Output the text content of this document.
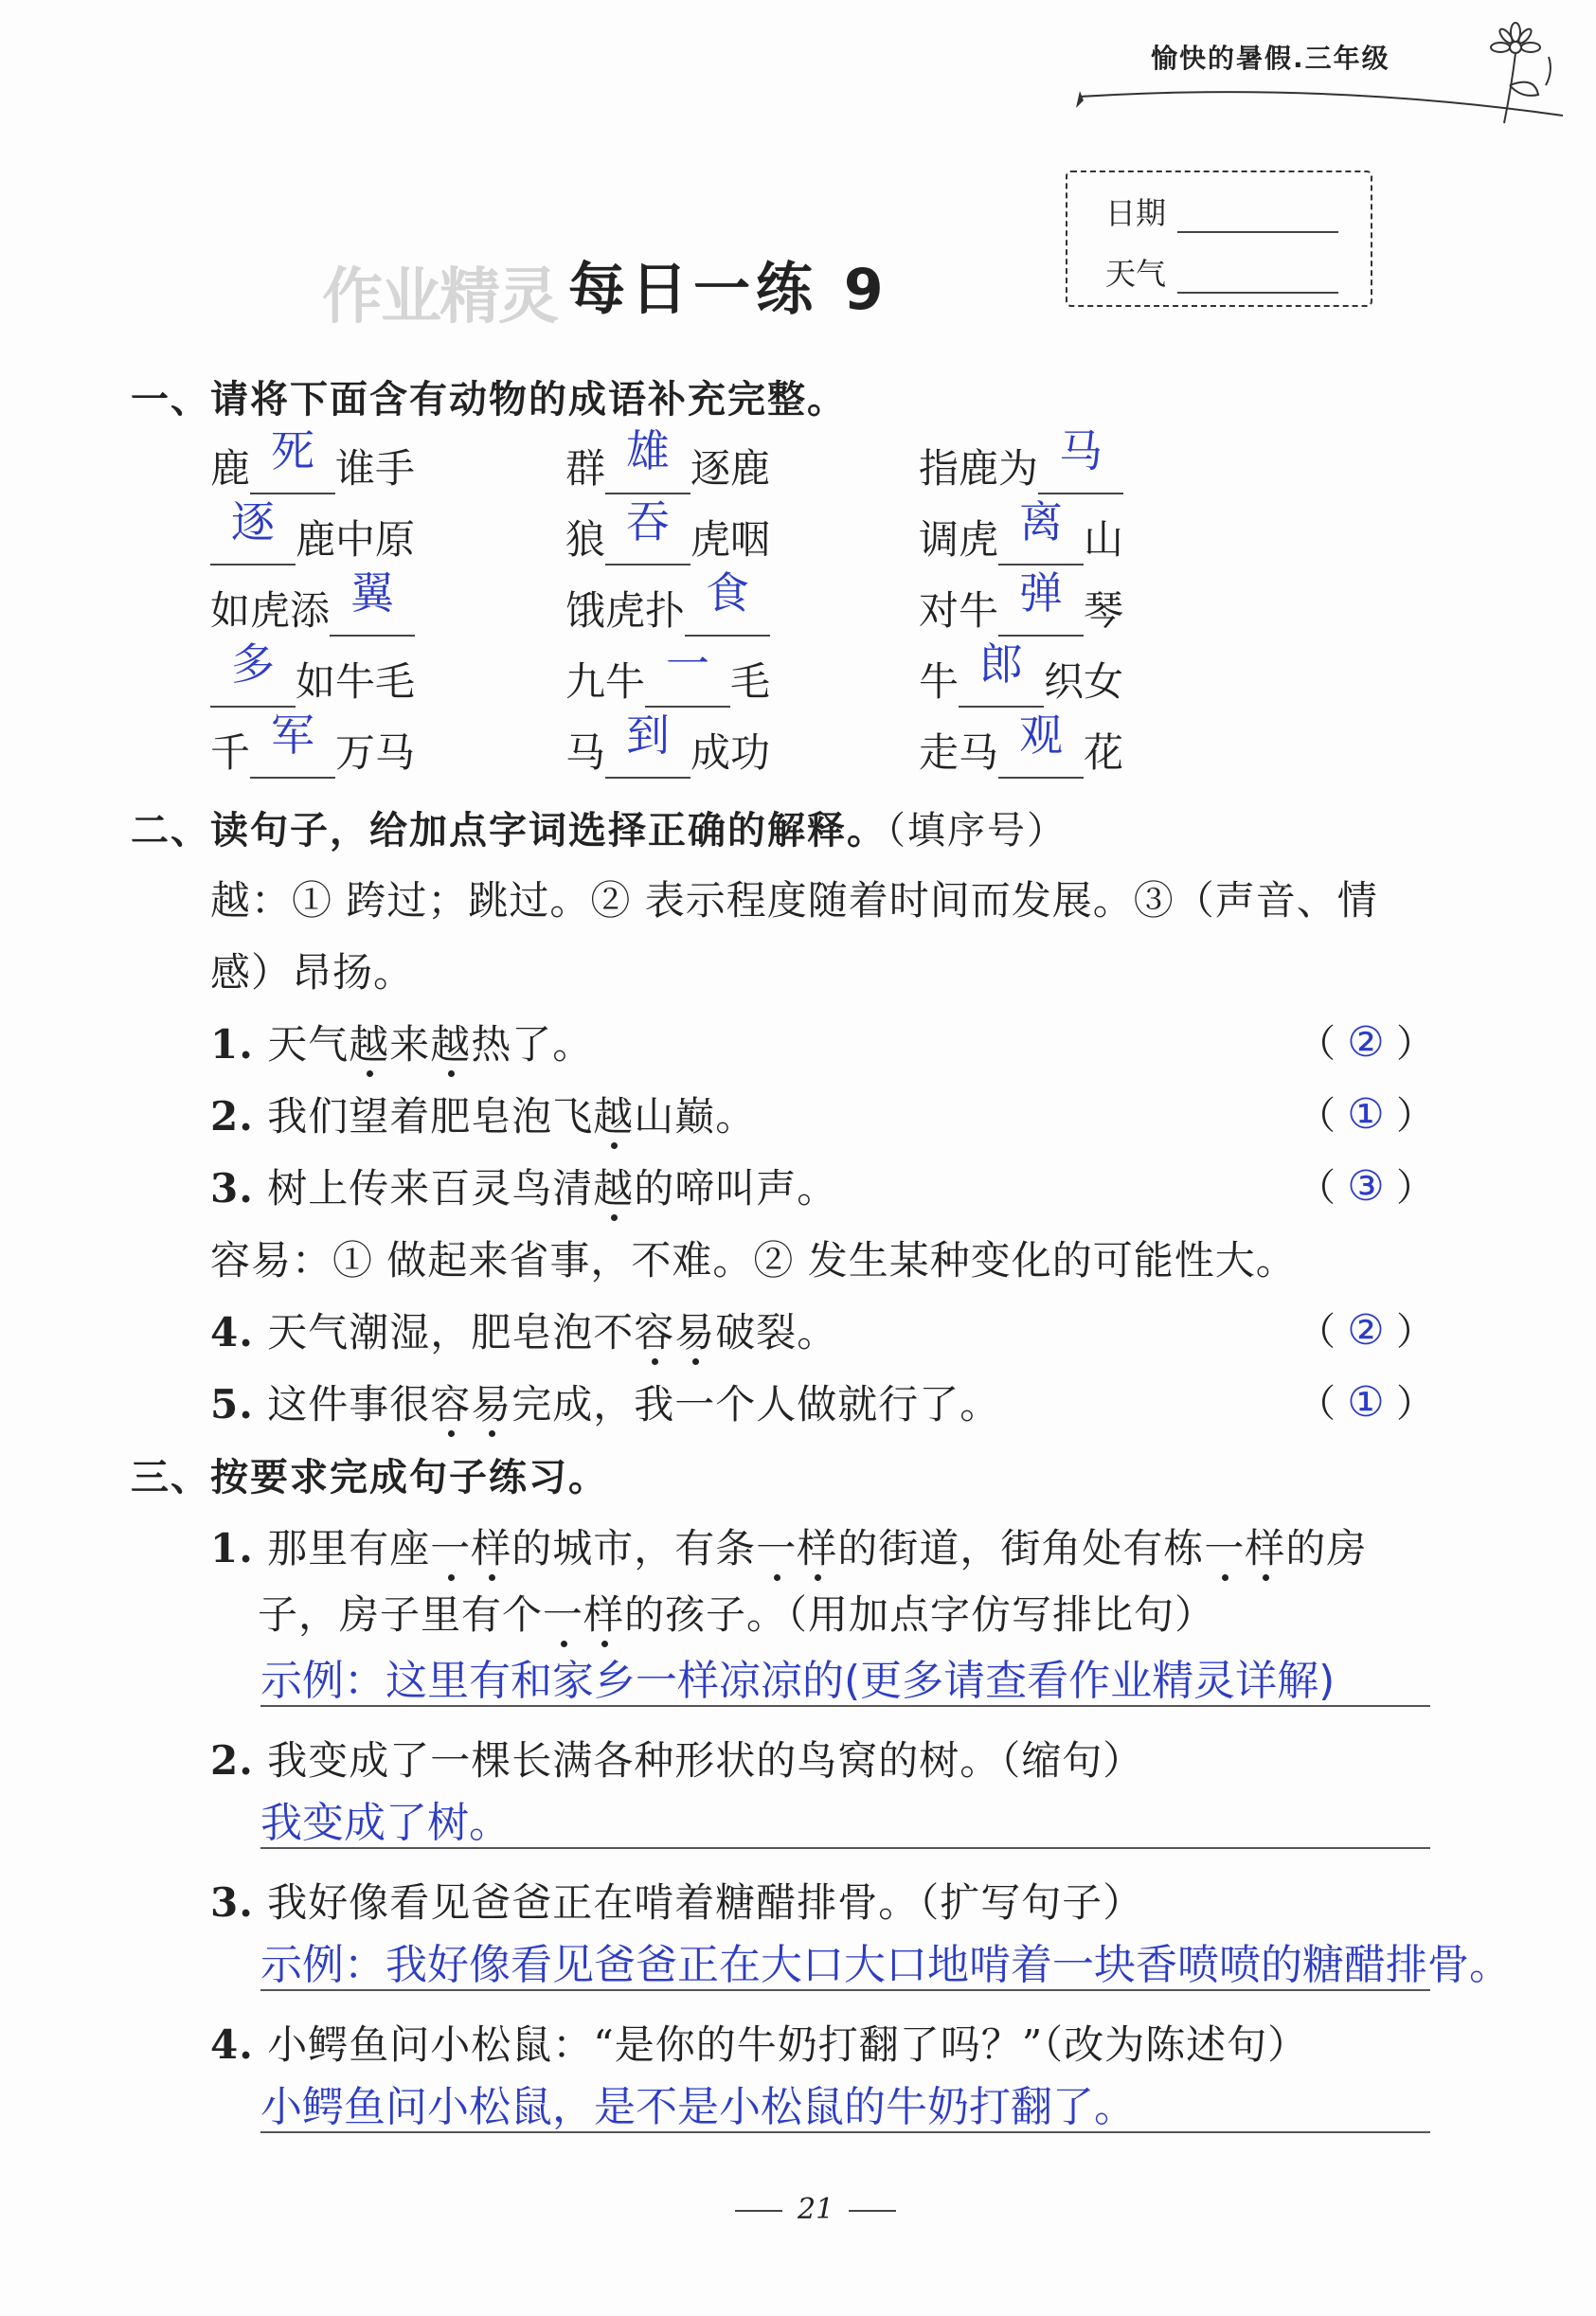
愉快的暑假.三年级
日期
天气
作业精灵 每日一练 9
一、请将下面含有动物的成语补充完整。
鹿 死 谁手	群 雄 逐鹿	指鹿为 马
逐 鹿中原	狼 吞 虎咽	调虎 离 山
如虎添 翼	饿虎扑 食	对牛 弹 琴
多 如牛毛	九牛 一 毛	牛 郎 织女
千 军 万马	马 到 成功	走马 观 花
二、读句子，给加点字词选择正确的解释。（填序号）
越：① 跨过；跳过。② 表示程度随着时间而发展。③（声音、情
感）昂扬。
1. 天气越来越热了。	（ ② ）
2. 我们望着肥皂泡飞越山巅。	（ ① ）
3. 树上传来百灵鸟清越的啼叫声。	（ ③ ）
容易：① 做起来省事，不难。② 发生某种变化的可能性大。
4. 天气潮湿，肥皂泡不容易破裂。	（ ② ）
5. 这件事很容易完成，我一个人做就行了。	（ ① ）
三、按要求完成句子练习。
1. 那里有座一样的城市，有条一样的街道，街角处有栋一样的房
子，房子里有个一样的孩子。（用加点字仿写排比句）
示例：这里有和家乡一样凉凉的(更多请查看作业精灵详解)
2. 我变成了一棵长满各种形状的鸟窝的树。（缩句）
我变成了树。
3. 我好像看见爸爸正在啃着糖醋排骨。（扩写句子）
示例：我好像看见爸爸正在大口大口地啃着一块香喷喷的糖醋排骨。
4. 小鳄鱼问小松鼠：“是你的牛奶打翻了吗？”（改为陈述句）
小鳄鱼问小松鼠，是不是小松鼠的牛奶打翻了。
21
